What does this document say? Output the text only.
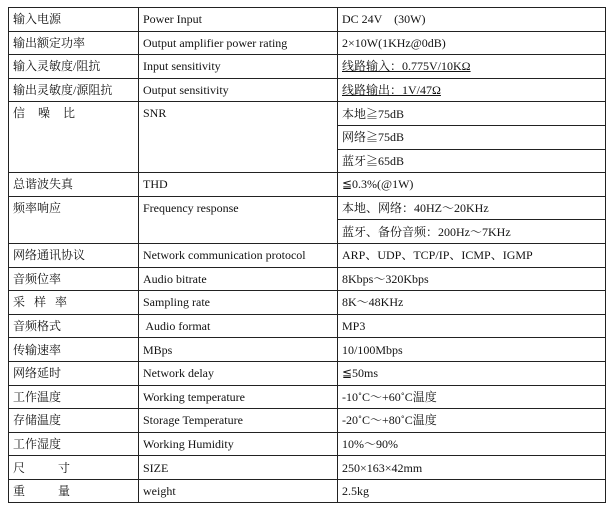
输入电源	Power Input	DC 24V    (30W)
输出额定功率	Output amplifier power rating	2×10W(1KHz@0dB)
输入灵敏度/阻抗	Input sensitivity	线路输入：0.775V/10KΩ
输出灵敏度/源阻抗	Output sensitivity	线路输出：1V/47Ω
信 噪 比	SNR	本地≧75dB
		网络≧75dB
		蓝牙≧65dB
总谐波失真	THD	≦0.3%(@1W)
频率响应	Frequency response	本地、网络：40HZ～20KHz
		蓝牙、备份音频：200Hz～7KHz
网络通讯协议	Network communication protocol	ARP、UDP、TCP/IP、ICMP、IGMP
音频位率	Audio bitrate	8Kbps～320Kbps
采 样 率	Sampling rate	8K～48KHz
音频格式	Audio format	MP3
传输速率	MBps	10/100Mbps
网络延时	Network delay	≦50ms
工作温度	Working temperature	-10˚C～+60˚C温度
存储温度	Storage Temperature	-20˚C～+80˚C温度
工作湿度	Working Humidity	10%～90%
尺 寸	SIZE	250×163×42mm
重 量	weight	2.5kg
